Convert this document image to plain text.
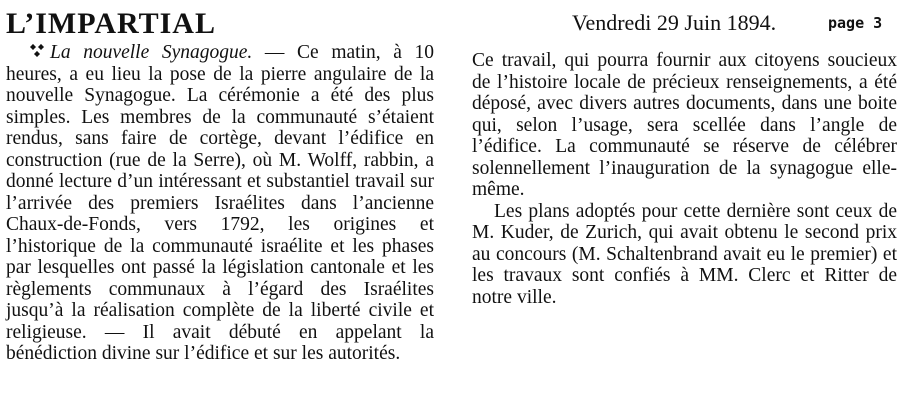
L’IMPARTIAL	Vendredi 29 Juin 1894.	page 3

La nouvelle Synagogue. — Ce matin, à 10 heures, a eu lieu la pose de la pierre angulaire de la nouvelle Synagogue. La cérémonie a été des plus simples. Les membres de la communauté s’étaient rendus, sans faire de cortège, devant l’édifice en construction (rue de la Serre), où M. Wolff, rabbin, a donné lecture d’un intéressant et substantiel travail sur l’arrivée des premiers Israélites dans l’ancienne Chaux-de-Fonds, vers 1792, les origines et l’historique de la communauté israélite et les phases par lesquelles ont passé la législation cantonale et les règlements communaux à l’égard des Israélites jusqu’à la réalisation complète de la liberté civile et religieuse. — Il avait débuté en appelant la bénédiction divine sur l’édifice et sur les autorités.

Ce travail, qui pourra fournir aux citoyens soucieux de l’histoire locale de précieux renseignements, a été déposé, avec divers autres documents, dans une boite qui, selon l’usage, sera scellée dans l’angle de l’édifice. La communauté se réserve de célébrer solennellement l’inauguration de la synagogue elle-même.

Les plans adoptés pour cette dernière sont ceux de M. Kuder, de Zurich, qui avait obtenu le second prix au concours (M. Schaltenbrand avait eu le premier) et les travaux sont confiés à MM. Clerc et Ritter de notre ville.
